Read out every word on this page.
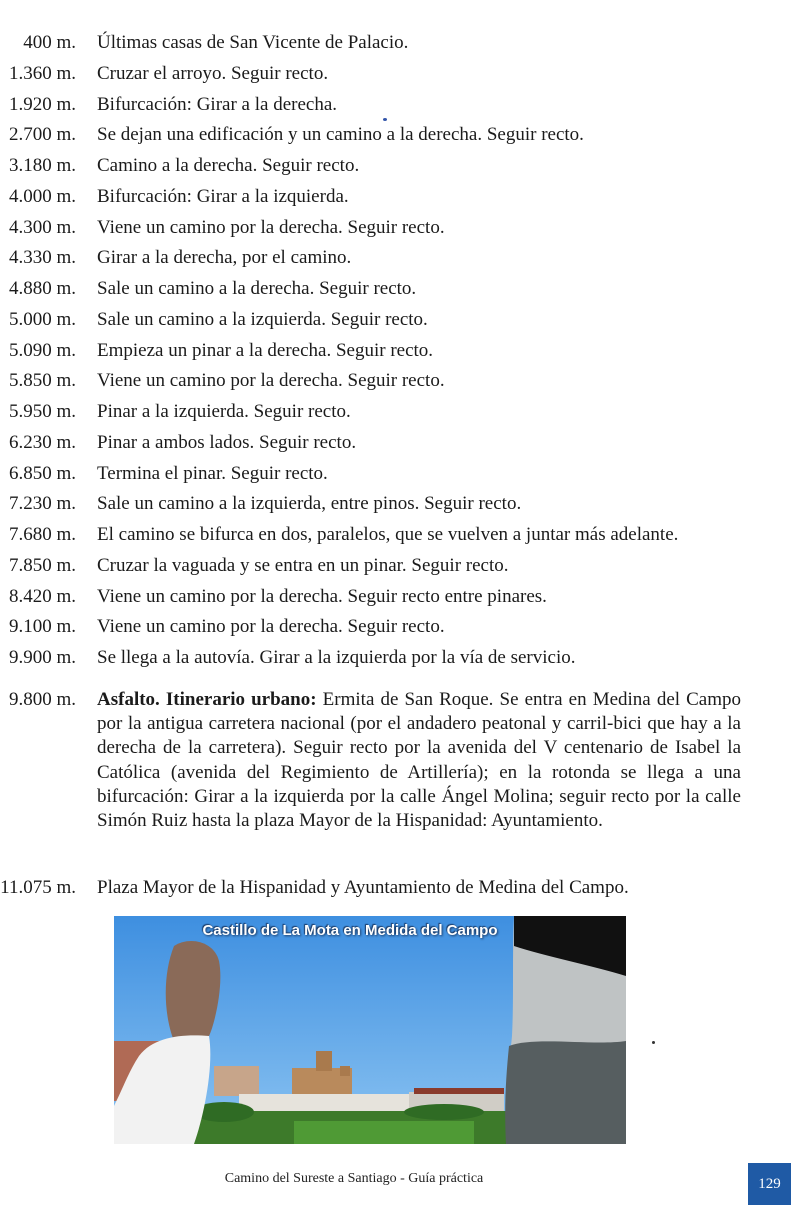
400 m. Últimas casas de San Vicente de Palacio.
1.360 m. Cruzar el arroyo. Seguir recto.
1.920 m. Bifurcación: Girar a la derecha.
2.700 m. Se dejan una edificación y un camino a la derecha. Seguir recto.
3.180 m. Camino a la derecha. Seguir recto.
4.000 m. Bifurcación: Girar a la izquierda.
4.300 m. Viene un camino por la derecha. Seguir recto.
4.330 m. Girar a la derecha, por el camino.
4.880 m. Sale un camino a la derecha. Seguir recto.
5.000 m. Sale un camino a la izquierda. Seguir recto.
5.090 m. Empieza un pinar a la derecha. Seguir recto.
5.850 m. Viene un camino por la derecha. Seguir recto.
5.950 m. Pinar a la izquierda. Seguir recto.
6.230 m. Pinar a ambos lados. Seguir recto.
6.850 m. Termina el pinar. Seguir recto.
7.230 m. Sale un camino a la izquierda, entre pinos. Seguir recto.
7.680 m. El camino se bifurca en dos, paralelos, que se vuelven a juntar más adelante.
7.850 m. Cruzar la vaguada y se entra en un pinar. Seguir recto.
8.420 m. Viene un camino por la derecha. Seguir recto entre pinares.
9.100 m. Viene un camino por la derecha. Seguir recto.
9.900 m. Se llega a la autovía. Girar a la izquierda por la vía de servicio.
9.800 m. Asfalto. Itinerario urbano: Ermita de San Roque. Se entra en Medina del Campo por la antigua carretera nacional (por el andadero peatonal y carril-bici que hay a la derecha de la carretera). Seguir recto por la avenida del V centenario de Isabel la Católica (avenida del Regimiento de Artillería); en la rotonda se llega a una bifurcación: Girar a la izquierda por la calle Ángel Molina; seguir recto por la calle Simón Ruiz hasta la plaza Mayor de la Hispanidad: Ayuntamiento.
11.075 m. Plaza Mayor de la Hispanidad y Ayuntamiento de Medina del Campo.
Castillo de La Mota en Medida del Campo
Camino del Sureste a Santiago - Guía práctica	129
